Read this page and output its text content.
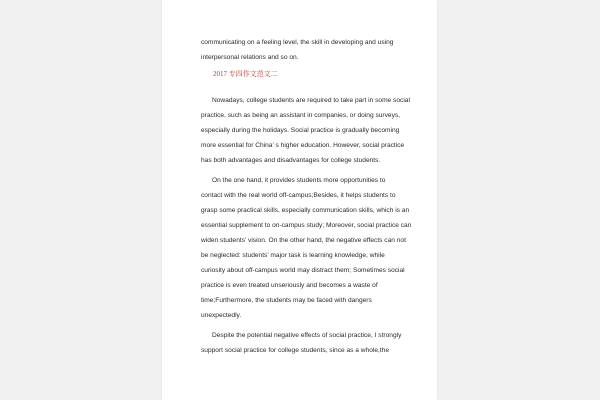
communicating on a feeling level, the skill in developing and using
interpersonal relations and so on.
2017 专四作文范文二
Nowadays, college students are required to take part in some social
practice, such as being an assistant in companies, or doing surveys,
especially during the holidays. Social practice is gradually becoming
more essential for China’ s higher education. However, social practice
has both advantages and disadvantages for college students.
On the one hand, it provides students more opportunities to
contact with the real world off-campus;Besides, it helps students to
grasp some practical skills, especially communication skills, which is an
essential supplement to on-campus study; Moreover, social practice can
widen students’ vision. On the other hand, the negative effects can not
be neglected: students’ major task is learning knowledge, while
curiosity about off-campus world may distract them; Sometimes social
practice is even treated unseriously and becomes a waste of
time;Furthermore, the students may be faced with dangers
unexpectedly.
Despite the potential negative effects of social practice, I strongly
support social practice for college students, since as a whole,the
